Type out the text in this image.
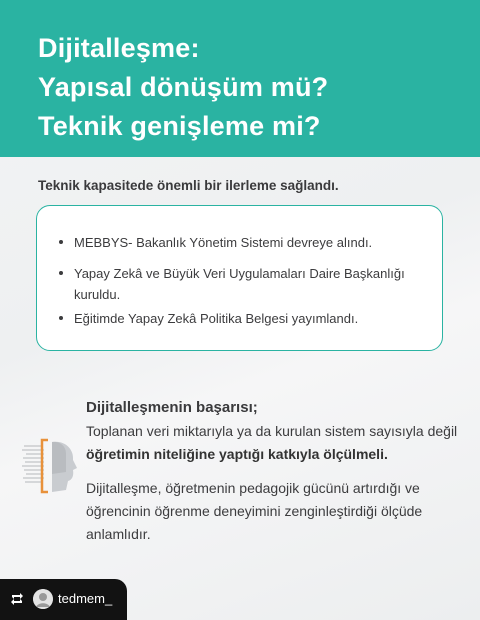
Dijitalleşme:
Yapısal dönüşüm mü?
Teknik genişleme mi?
Teknik kapasitede önemli bir ilerleme sağlandı.
MEBBYS- Bakanlık Yönetim Sistemi devreye alındı.
Yapay Zekâ ve Büyük Veri Uygulamaları Daire Başkanlığı kuruldu.
Eğitimde Yapay Zekâ Politika Belgesi yayımlandı.
Dijitalleşmenin başarısı;
Toplanan veri miktarıyla ya da kurulan sistem sayısıyla değil öğretimin niteliğine yaptığı katkıyla ölçülmeli.
Dijitalleşme, öğretmenin pedagojik gücünü artırdığı ve öğrencinin öğrenme deneyimini zenginleştirdiği ölçüde anlamlıdır.
tedmem_
